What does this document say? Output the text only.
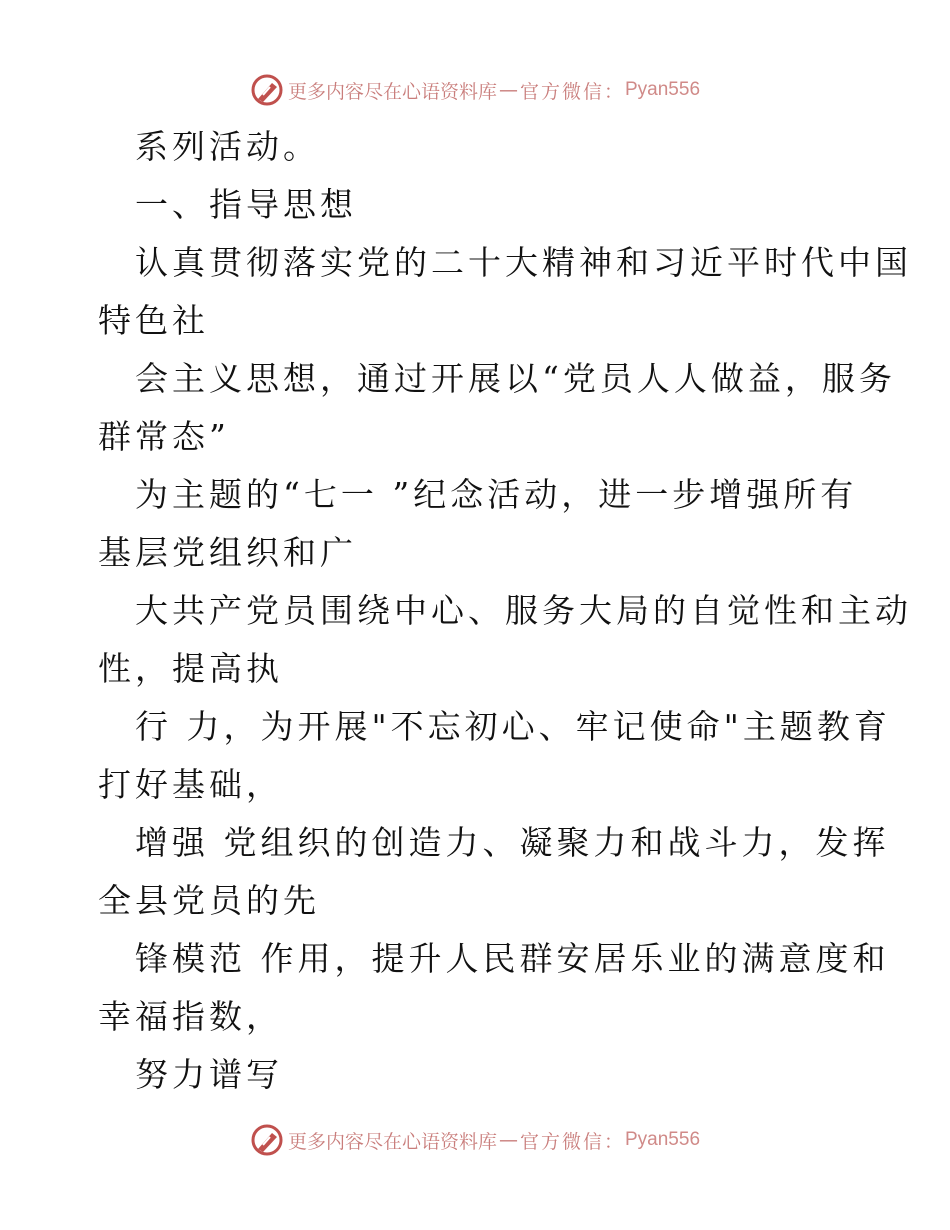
更多内容尽在心语资料库 — 官方微信： Pyan556
系列活动。
一、指导思想
认真贯彻落实党的二十大精神和习近平时代中国
特色社
会主义思想，通过开展以“党员人人做益，服务
群常态”
为主题的“七一 ”纪念活动，进一步增强所有
基层党组织和广
大共产党员围绕中心、服务大局的自觉性和主动
性，提高执
行 力，为开展"不忘初心、牢记使命"主题教育
打好基础，
增强 党组织的创造力、凝聚力和战斗力，发挥
全县党员的先
锋模范 作用，提升人民群安居乐业的满意度和
幸福指数，
努力谱写
更多内容尽在心语资料库 — 官方微信： Pyan556
